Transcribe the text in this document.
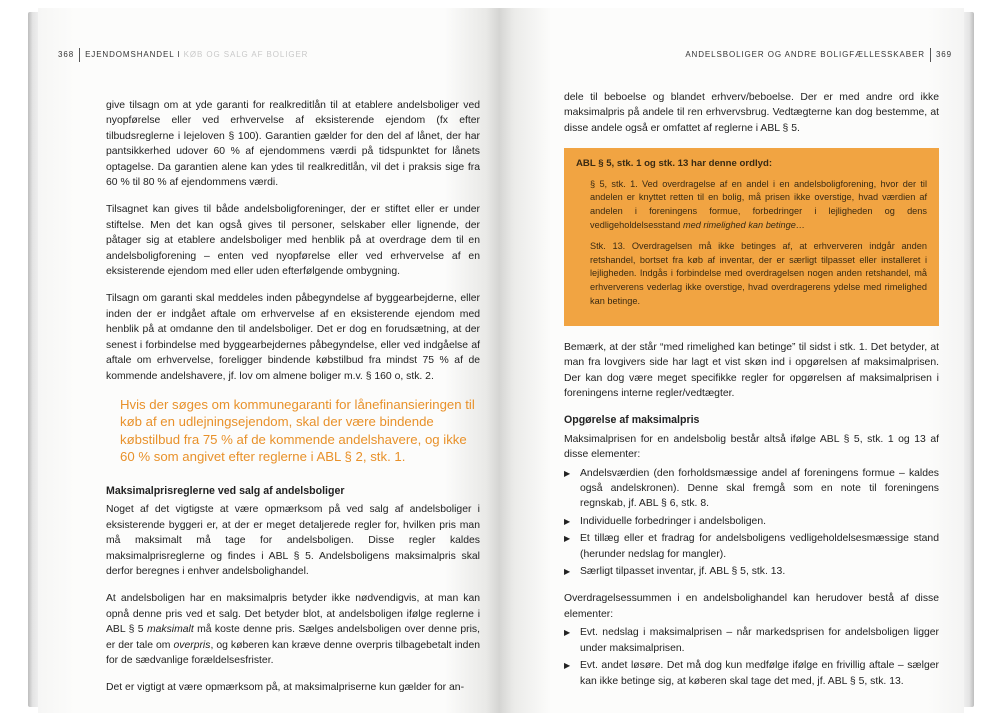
368 EJENDOMSHANDEL I KØB OG SALG AF BOLIGER

give tilsagn om at yde garanti for realkreditlån til at etablere andelsboliger ved nyopførelse eller ved erhvervelse af eksisterende ejendom (fx efter tilbudsreglerne i lejeloven § 100). Garantien gælder for den del af lånet, der har pantsikkerhed udover 60 % af ejendommens værdi på tidspunktet for lånets optagelse. Da garantien alene kan ydes til realkreditlån, vil det i praksis sige fra 60 % til 80 % af ejendommens værdi.

Tilsagnet kan gives til både andelsboligforeninger, der er stiftet eller er under stiftelse. Men det kan også gives til personer, selskaber eller lignende, der påtager sig at etablere andelsboliger med henblik på at overdrage dem til en andelsboligforening – enten ved nyopførelse eller ved erhvervelse af en eksisterende ejendom med eller uden efterfølgende ombygning.

Tilsagn om garanti skal meddeles inden påbegyndelse af byggearbejderne, eller inden der er indgået aftale om erhvervelse af en eksisterende ejendom med henblik på at omdanne den til andelsboliger. Det er dog en forudsætning, at der senest i forbindelse med byggearbejdernes påbegyndelse, eller ved indgåelse af aftale om erhvervelse, foreligger bindende købstilbud fra mindst 75 % af de kommende andelshavere, jf. lov om almene boliger m.v. § 160 o, stk. 2.

Hvis der søges om kommunegaranti for lånefinansieringen til køb af en udlejningsejendom, skal der være bindende købstilbud fra 75 % af de kommende andelshavere, og ikke 60 % som angivet efter reglerne i ABL § 2, stk. 1.
Maksimalprisreglerne ved salg af andelsboliger

Noget af det vigtigste at være opmærksom på ved salg af andelsboliger i eksisterende byggeri er, at der er meget detaljerede regler for, hvilken pris man må maksimalt må tage for andelsboligen. Disse regler kaldes maksimalprisreglerne og findes i ABL § 5. Andelsboligens maksimalpris skal derfor beregnes i enhver andelsbolighandel.

At andelsboligen har en maksimalpris betyder ikke nødvendigvis, at man kan opnå denne pris ved et salg. Det betyder blot, at andelsboligen ifølge reglerne i ABL § 5 maksimalt må koste denne pris. Sælges andelsboligen over denne pris, er der tale om overpris, og køberen kan kræve denne overpris tilbagebetalt inden for de sædvanlige forældelsesfrister.

Det er vigtigt at være opmærksom på, at maksimalpriserne kun gælder for an-

ANDELSBOLIGER OG ANDRE BOLIGFÆLLESSKABER 369

dele til beboelse og blandet erhverv/beboelse. Der er med andre ord ikke maksimalpris på andele til ren erhvervsbrug. Vedtægterne kan dog bestemme, at disse andele også er omfattet af reglerne i ABL § 5.

ABL § 5, stk. 1 og stk. 13 har denne ordlyd:

§ 5, stk. 1. Ved overdragelse af en andel i en andelsboligforening, hvor der til andelen er knyttet retten til en bolig, må prisen ikke overstige, hvad værdien af andelen i foreningens formue, forbedringer i lejligheden og dens vedligeholdelsesstand med rimelighed kan betinge…

Stk. 13. Overdragelsen må ikke betinges af, at erhververen indgår anden retshandel, bortset fra køb af inventar, der er særligt tilpasset eller installeret i lejligheden. Indgås i forbindelse med overdragelsen nogen anden retshandel, må erhververens vederlag ikke overstige, hvad overdragerens ydelse med rimelighed kan betinge.

Bemærk, at der står “med rimelighed kan betinge” til sidst i stk. 1. Det betyder, at man fra lovgivers side har lagt et vist skøn ind i opgørelsen af maksimalprisen. Der kan dog være meget specifikke regler for opgørelsen af maksimalprisen i foreningens interne regler/vedtægter.

Opgørelse af maksimalpris

Maksimalprisen for en andelsbolig består altså ifølge ABL § 5, stk. 1 og 13 af disse elementer:

▶ Andelsværdien (den forholdsmæssige andel af foreningens formue – kaldes også andelskronen). Denne skal fremgå som en note til foreningens regnskab, jf. ABL § 6, stk. 8.
▶ Individuelle forbedringer i andelsboligen.
▶ Et tillæg eller et fradrag for andelsboligens vedligeholdelsesmæssige stand (herunder nedslag for mangler).
▶ Særligt tilpasset inventar, jf. ABL § 5, stk. 13.

Overdragelsessummen i en andelsbolighandel kan herudover bestå af disse elementer:

▶ Evt. nedslag i maksimalprisen – når markedsprisen for andelsboligen ligger under maksimalprisen.
▶ Evt. andet løsøre. Det må dog kun medfølge ifølge en frivillig aftale – sælger kan ikke betinge sig, at køberen skal tage det med, jf. ABL § 5, stk. 13.
